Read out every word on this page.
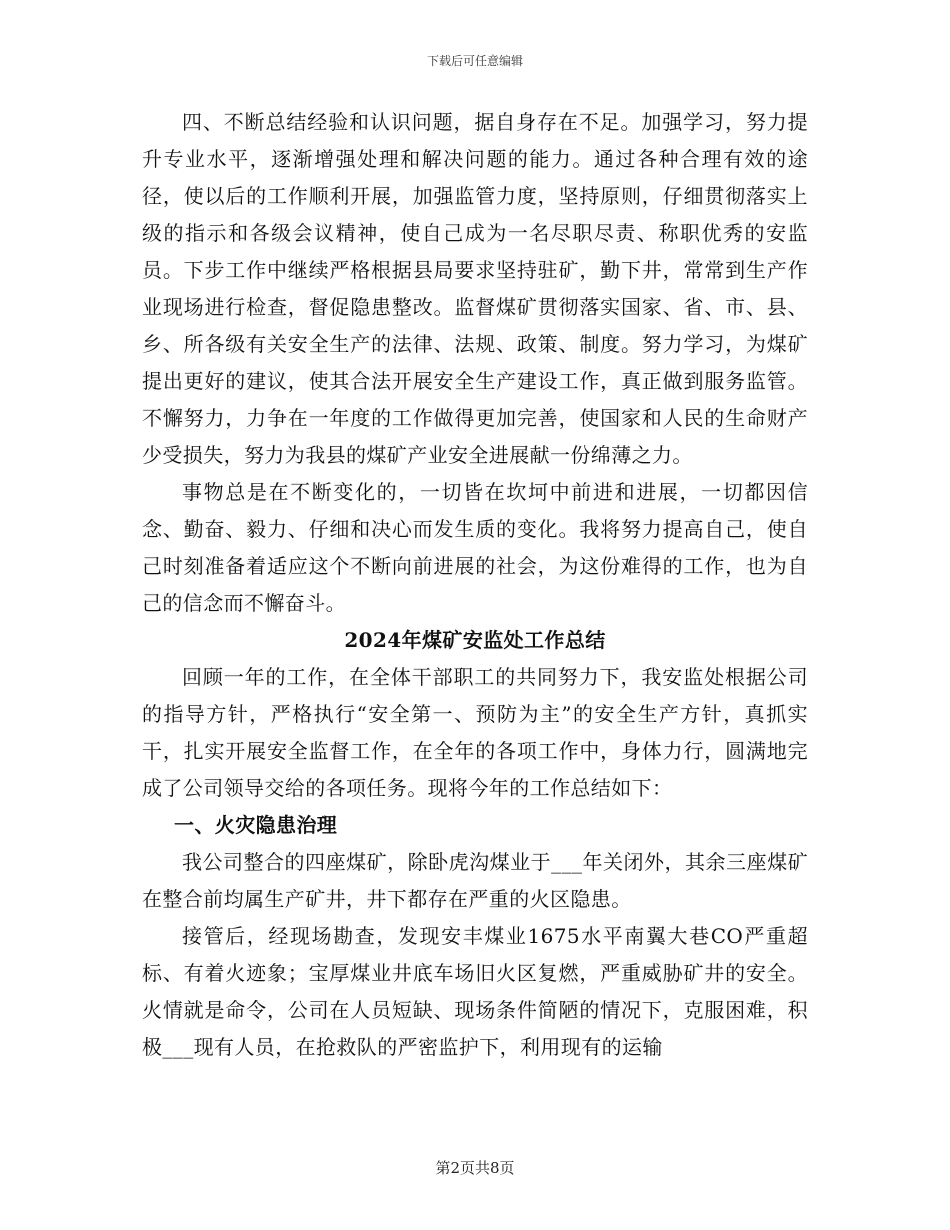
下载后可任意编辑

四、不断总结经验和认识问题，据自身存在不足。加强学习，努力提升专业水平，逐渐增强处理和解决问题的能力。通过各种合理有效的途径，使以后的工作顺利开展，加强监管力度，坚持原则，仔细贯彻落实上级的指示和各级会议精神，使自己成为一名尽职尽责、称职优秀的安监员。下步工作中继续严格根据县局要求坚持驻矿，勤下井，常常到生产作业现场进行检查，督促隐患整改。监督煤矿贯彻落实国家、省、市、县、乡、所各级有关安全生产的法律、法规、政策、制度。努力学习，为煤矿提出更好的建议，使其合法开展安全生产建设工作，真正做到服务监管。不懈努力，力争在一年度的工作做得更加完善，使国家和人民的生命财产少受损失，努力为我县的煤矿产业安全进展献一份绵薄之力。

事物总是在不断变化的，一切皆在坎坷中前进和进展，一切都因信念、勤奋、毅力、仔细和决心而发生质的变化。我将努力提高自己，使自己时刻准备着适应这个不断向前进展的社会，为这份难得的工作，也为自己的信念而不懈奋斗。

2024年煤矿安监处工作总结

回顾一年的工作，在全体干部职工的共同努力下，我安监处根据公司的指导方针，严格执行“安全第一、预防为主”的安全生产方针，真抓实干，扎实开展安全监督工作，在全年的各项工作中，身体力行，圆满地完成了公司领导交给的各项任务。现将今年的工作总结如下：

一、火灾隐患治理

我公司整合的四座煤矿，除卧虎沟煤业于___年关闭外，其余三座煤矿在整合前均属生产矿井，井下都存在严重的火区隐患。

接管后，经现场勘查，发现安丰煤业1675水平南翼大巷CO严重超标、有着火迹象；宝厚煤业井底车场旧火区复燃，严重威胁矿井的安全。火情就是命令，公司在人员短缺、现场条件简陋的情况下，克服困难，积极___现有人员，在抢救队的严密监护下，利用现有的运输

第2页共8页
